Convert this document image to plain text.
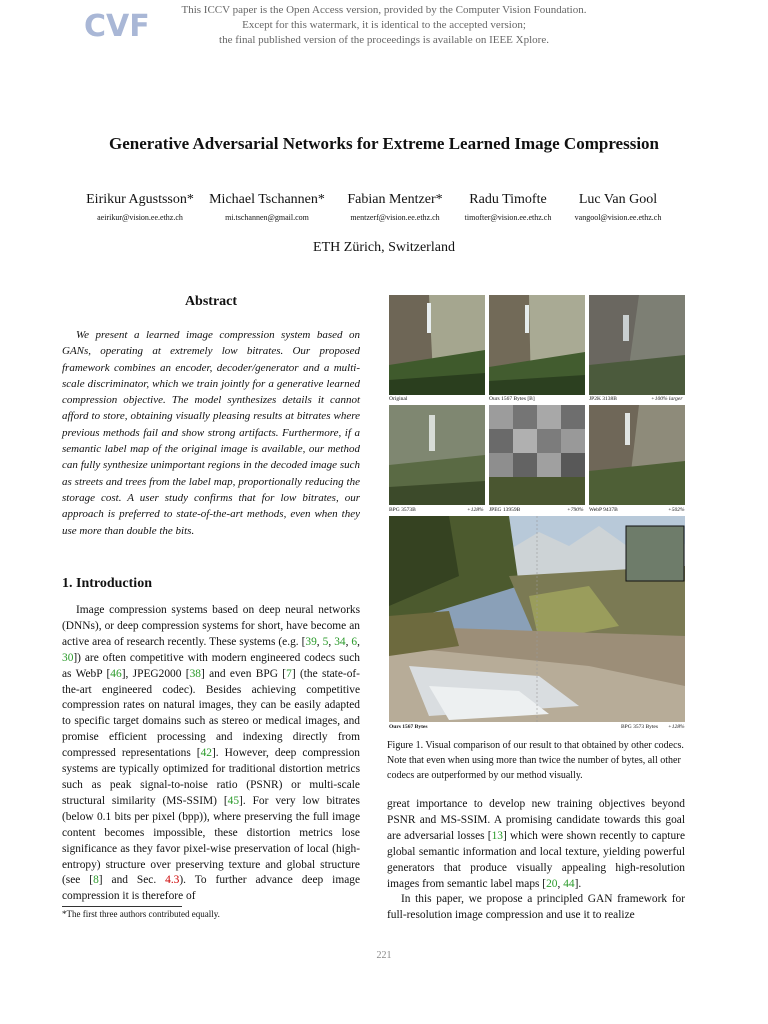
CVF	This ICCV paper is the Open Access version, provided by the Computer Vision Foundation.
Except for this watermark, it is identical to the accepted version;
the final published version of the proceedings is available on IEEE Xplore.
Generative Adversarial Networks for Extreme Learned Image Compression
Eirikur Agustsson*
aeirikur@vision.ee.ethz.ch
Michael Tschannen*
mi.tschannen@gmail.com
Fabian Mentzer*
mentzerf@vision.ee.ethz.ch
Radu Timofte
timofter@vision.ee.ethz.ch
Luc Van Gool
vangool@vision.ee.ethz.ch
ETH Zürich, Switzerland
Abstract
We present a learned image compression system based on GANs, operating at extremely low bitrates. Our proposed framework combines an encoder, decoder/generator and a multi-scale discriminator, which we train jointly for a generative learned compression objective. The model synthesizes details it cannot afford to store, obtaining visually pleasing results at bitrates where previous methods fail and show strong artifacts. Furthermore, if a semantic label map of the original image is available, our method can fully synthesize unimportant regions in the decoded image such as streets and trees from the label map, proportionally reducing the storage cost. A user study confirms that for low bitrates, our approach is preferred to state-of-the-art methods, even when they use more than double the bits.
1. Introduction
Image compression systems based on deep neural networks (DNNs), or deep compression systems for short, have become an active area of research recently. These systems (e.g. [39, 5, 34, 6, 30]) are often competitive with modern engineered codecs such as WebP [46], JPEG2000 [38] and even BPG [7] (the state-of-the-art engineered codec). Besides achieving competitive compression rates on natural images, they can be easily adapted to specific target domains such as stereo or medical images, and promise efficient processing and indexing directly from compressed representations [42]. However, deep compression systems are typically optimized for traditional distortion metrics such as peak signal-to-noise ratio (PSNR) or multi-scale structural similarity (MS-SSIM) [45]. For very low bitrates (below 0.1 bits per pixel (bpp)), where preserving the full image content becomes impossible, these distortion metrics lose significance as they favor pixel-wise preservation of local (high-entropy) structure over preserving texture and global structure (see [8] and Sec. 4.3). To further advance deep image compression it is therefore of
*The first three authors contributed equally.
Original	Ours 1567 Bytes [B]	JP2K 3138B	+100% larger
BPG 3573B	+128% JPEG 13959B	+790% WebP 9437B	+502%
Ours 1567 Bytes	BPG 3573 Bytes +128%
Figure 1. Visual comparison of our result to that obtained by other codecs. Note that even when using more than twice the number of bytes, all other codecs are outperformed by our method visually.

great importance to develop new training objectives beyond PSNR and MS-SSIM. A promising candidate towards this goal are adversarial losses [13] which were shown recently to capture global semantic information and local texture, yielding powerful generators that produce visually appealing high-resolution images from semantic label maps [20, 44].

In this paper, we propose a principled GAN framework for full-resolution image compression and use it to realize

221
